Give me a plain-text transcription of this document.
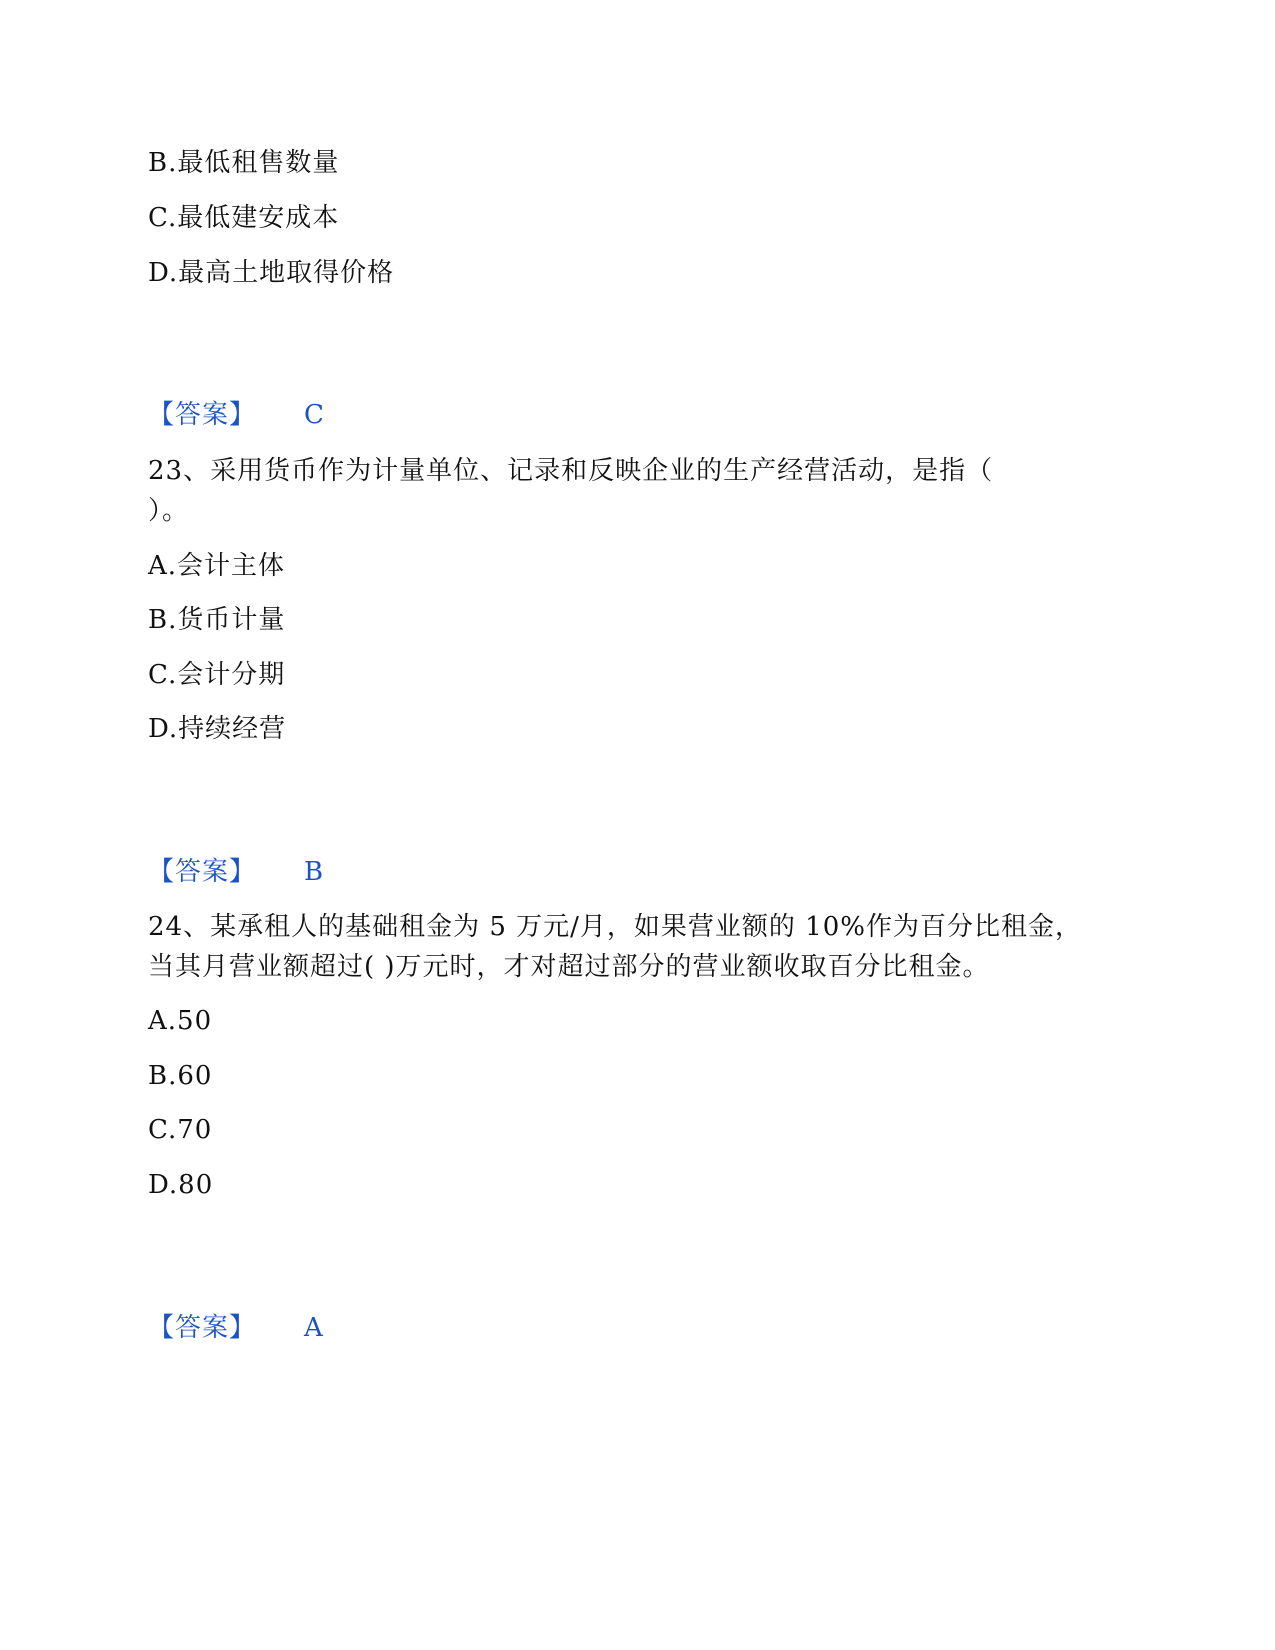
B.最低租售数量
C.最低建安成本
D.最高土地取得价格
【答案】 C
23、采用货币作为计量单位、记录和反映企业的生产经营活动，是指（
）。
A.会计主体
B.货币计量
C.会计分期
D.持续经营
【答案】 B
24、某承租人的基础租金为 5 万元/月，如果营业额的 10%作为百分比租金，
当其月营业额超过( )万元时，才对超过部分的营业额收取百分比租金。
A.50
B.60
C.70
D.80
【答案】 A
